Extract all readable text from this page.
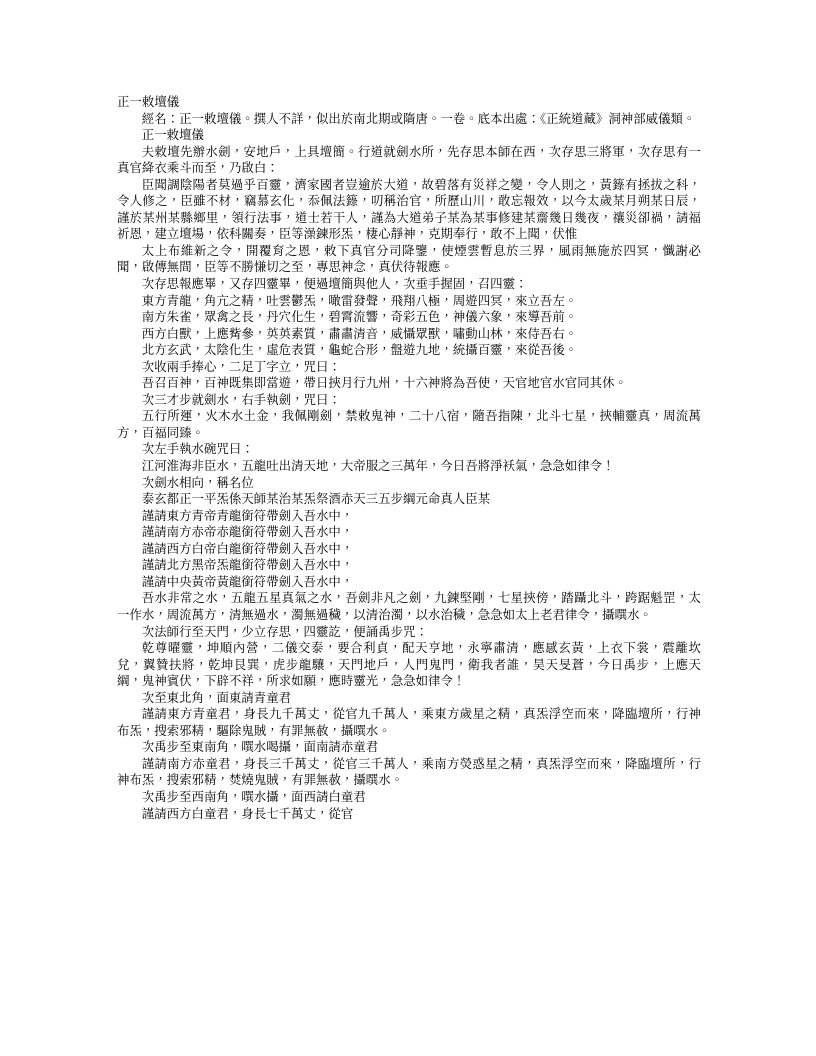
正一敕壇儀

經名：正一敕壇儀。撰人不詳，似出於南北期或隋唐。一卷。底本出處：《正統道藏》洞神部威儀類。

正一敕壇儀

夫敕壇先辦水劍，安地戶，上具壇簡。行道就劍水所，先存思本師在西，次存思三將軍，次存思有一真官絳衣乘斗而至，乃啟白：

臣聞調陰陽者莫過乎百靈，濟家國者豈逾於大道，故碧落有災祥之變，令人則之，黃籙有拯拔之科，令人修之，臣雖不材，竊慕玄化，忝佩法籙，叨稱治官，所歷山川，敢忘報效，以今太歲某月朔某日辰，謹於某州某縣鄉里，領行法事，道士若干人，謹為大道弟子某為某事修建某齋幾日幾夜，禳災卻禍，請福祈恩，建立壇場，依科關奏，臣等澡鍊形炁，棲心靜神，克期奉行，敢不上聞，伏惟

太上布維新之令，開覆育之恩，敕下真官分司降鑒，使煙雲暫息於三界，風雨無施於四冥，懺謝必聞，啟傳無間，臣等不勝慊切之至，專思神念，真伏待報應。

次存思報應畢，又存四靈畢，便過壇簡與他人，次垂手握固，召四靈：

東方青龍，角亢之精，吐雲鬱炁，噉雷發聲，飛翔八極，周遊四冥，來立吾左。

南方朱雀，眾禽之長，丹穴化生，碧霄流響，奇彩五色，神儀六象，來導吾前。

西方白獸，上應觜參，英英素質，肅肅清音，威懾眾獸，嘯動山林，來侍吾右。

北方玄武，太陰化生，虛危表質，龜蛇合形，盤遊九地，統攝百靈，來從吾後。

次收兩手捧心，二足丁字立，咒曰：

吾召百神，百神既集即當遊，帶日挾月行九州，十六神將為吾使，天官地官水官同其休。

次三才步就劍水，右手執劍，咒曰：

五行所運，火木水土金，我佩剛劍，禁敕鬼神，二十八宿，隨吾指陳，北斗七星，挾輔靈真，周流萬方，百福同臻。

次左手執水碗咒曰：

江河淮海非臣水，五龍吐出清天地，大帝服之三萬年，今日吾將淨袄氣，急急如律令！

次劍水相向，稱名位

泰玄都正一平炁係天師某治某炁祭酒赤天三五步綱元命真人臣某

謹請東方青帝青龍銜符帶劍入吾水中，

謹請南方赤帝赤龍銜符帶劍入吾水中，

謹請西方白帝白龍銜符帶劍入吾水中，

謹請北方黑帝炁龍銜符帶劍入吾水中，

謹請中央黃帝黃龍銜符帶劍入吾水中，

吾水非常之水，五龍五星真氣之水，吾劍非凡之劍，九鍊堅剛，七星挾傍，踏躡北斗，跨踞魁罡，太一作水，周流萬方，清無過水，濁無過穢，以清治濁，以水治穢，急急如太上老君律令，攝噀水。

次法師行至天門，少立存思，四靈訖，便誦禹步咒：

乾尊曜靈，坤順內營，二儀交泰，要合利貞，配天亨地，永寧肅清，應感玄黃，上衣下裳，震離坎兌，翼贊扶將，乾坤艮巽，虎步龍驤，天門地戶，人門鬼門，衛我者誰，昊天旻蒼，今日禹步，上應天綱，鬼神賓伏，下辟不祥，所求如願，應時靈光，急急如律令！

次至東北角，面東請青童君

謹請東方青童君，身長九千萬丈，從官九千萬人，乘東方歲星之精，真炁浮空而來，降臨壇所，行神布炁，搜索邪精，驅除鬼賊，有罪無赦，攝噀水。

次禹步至東南角，噀水喝攝，面南請赤童君

謹請南方赤童君，身長三千萬丈，從官三千萬人，乘南方熒惑星之精，真炁浮空而來，降臨壇所，行神布炁，搜索邪精，焚燒鬼賊，有罪無赦，攝噀水。

次禹步至西南角，噀水攝，面西請白童君

謹請西方白童君，身長七千萬丈，從官
